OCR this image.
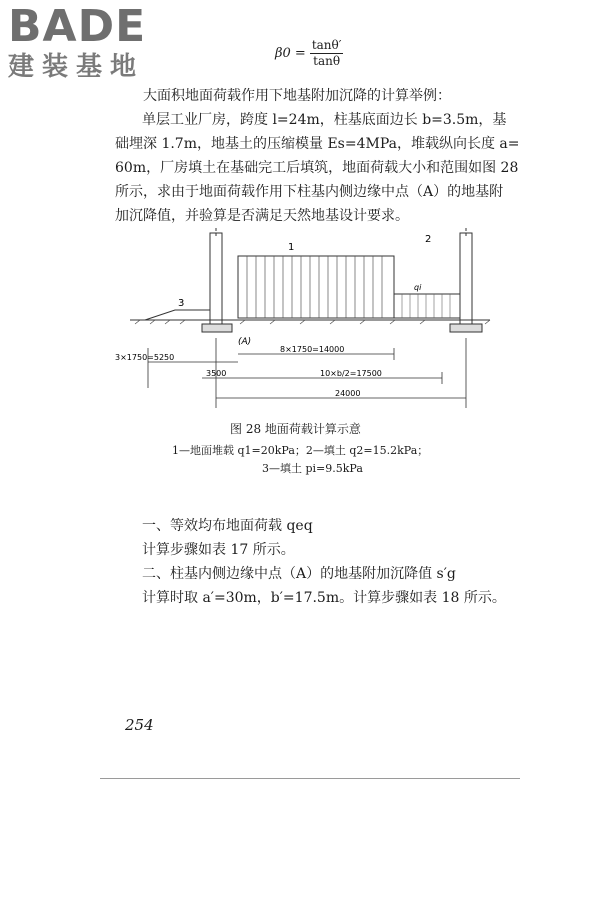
BADE
建装基地	$\beta 0 = \frac{\tan\theta'}{\tan\theta}$
大面积地面荷载作用下地基附加沉降的计算举例：
单层工业厂房，跨度 l=24m，柱基底面边长 b=3.5m，基
础埋深 1.7m，地基土的压缩模量 Es=4MPa，堆载纵向长度 a=
60m，厂房填土在基础完工后填筑，地面荷载大小和范围如图 28
所示，求由于地面荷载作用下柱基内侧边缘中点（A）的地基附
加沉降值，并验算是否满足天然地基设计要求。
1
2
3
qi
(A)
8×1750=14000
3×1750=5250
3500	10×b/2=17500
24000
图 28 地面荷载计算示意
1—地面堆载 q1=20kPa；2—填土 q2=15.2kPa；
3—填土 pi=9.5kPa
一、等效均布地面荷载 qeq
计算步骤如表 17 所示。
二、柱基内侧边缘中点（A）的地基附加沉降值 s′g
计算时取 a′=30m，b′=17.5m。计算步骤如表 18 所示。
254
